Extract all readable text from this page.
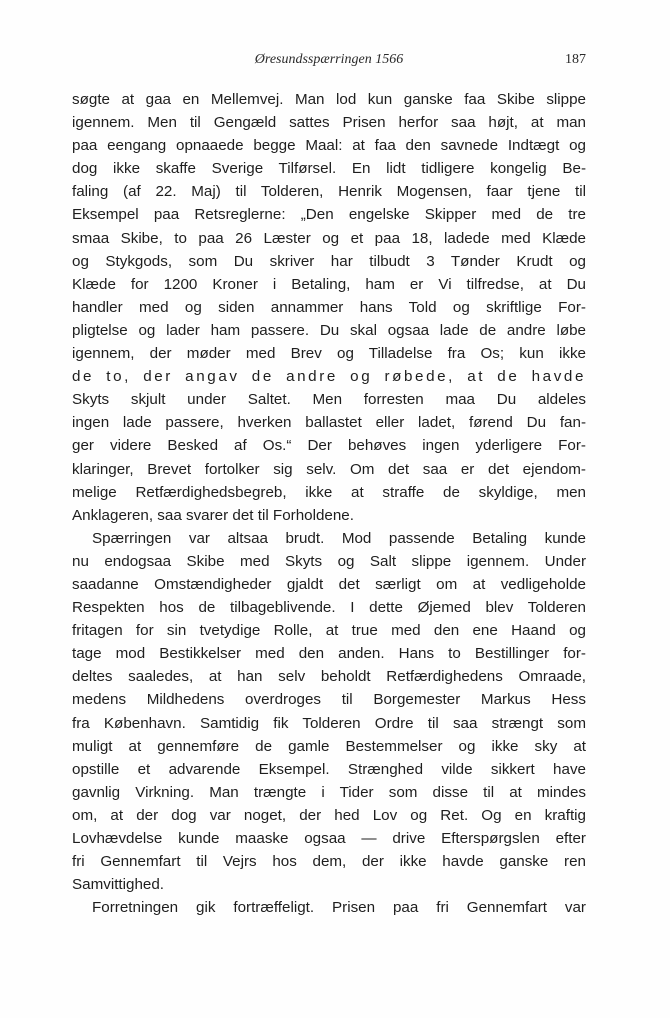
Øresundsspærringen 1566	187
søgte at gaa en Mellemvej. Man lod kun ganske faa Skibe slippe
igennem. Men til Gengæld sattes Prisen herfor saa højt, at man
paa eengang opnaaede begge Maal: at faa den savnede Indtægt og
dog ikke skaffe Sverige Tilførsel. En lidt tidligere kongelig Be-
faling (af 22. Maj) til Tolderen, Henrik Mogensen, faar tjene til
Eksempel paa Retsreglerne: „Den engelske Skipper med de tre
smaa Skibe, to paa 26 Læster og et paa 18, ladede med Klæde
og Stykgods, som Du skriver har tilbudt 3 Tønder Krudt og
Klæde for 1200 Kroner i Betaling, ham er Vi tilfredse, at Du
handler med og siden annammer hans Told og skriftlige For-
pligtelse og lader ham passere. Du skal ogsaa lade de andre løbe
igennem, der møder med Brev og Tilladelse fra Os; kun ikke
de to, der angav de andre og røbede, at de havde
Skyts skjult under Saltet. Men forresten maa Du aldeles
ingen lade passere, hverken ballastet eller ladet, førend Du fan-
ger videre Besked af Os.“ Der behøves ingen yderligere For-
klaringer, Brevet fortolker sig selv. Om det saa er det ejendom-
melige Retfærdighedsbegreb, ikke at straffe de skyldige, men
Anklageren, saa svarer det til Forholdene.
Spærringen var altsaa brudt. Mod passende Betaling kunde
nu endogsaa Skibe med Skyts og Salt slippe igennem. Under
saadanne Omstændigheder gjaldt det særligt om at vedligeholde
Respekten hos de tilbageblivende. I dette Øjemed blev Tolderen
fritagen for sin tvetydige Rolle, at true med den ene Haand og
tage mod Bestikkelser med den anden. Hans to Bestillinger for-
deltes saaledes, at han selv beholdt Retfærdighedens Omraade,
medens Mildhedens overdroges til Borgemester Markus Hess
fra København. Samtidig fik Tolderen Ordre til saa strængt som
muligt at gennemføre de gamle Bestemmelser og ikke sky at
opstille et advarende Eksempel. Strænghed vilde sikkert have
gavnlig Virkning. Man trængte i Tider som disse til at mindes
om, at der dog var noget, der hed Lov og Ret. Og en kraftig
Lovhævdelse kunde maaske ogsaa — drive Efterspørgslen efter
fri Gennemfart til Vejrs hos dem, der ikke havde ganske ren
Samvittighed.
Forretningen gik fortræffeligt. Prisen paa fri Gennemfart var
